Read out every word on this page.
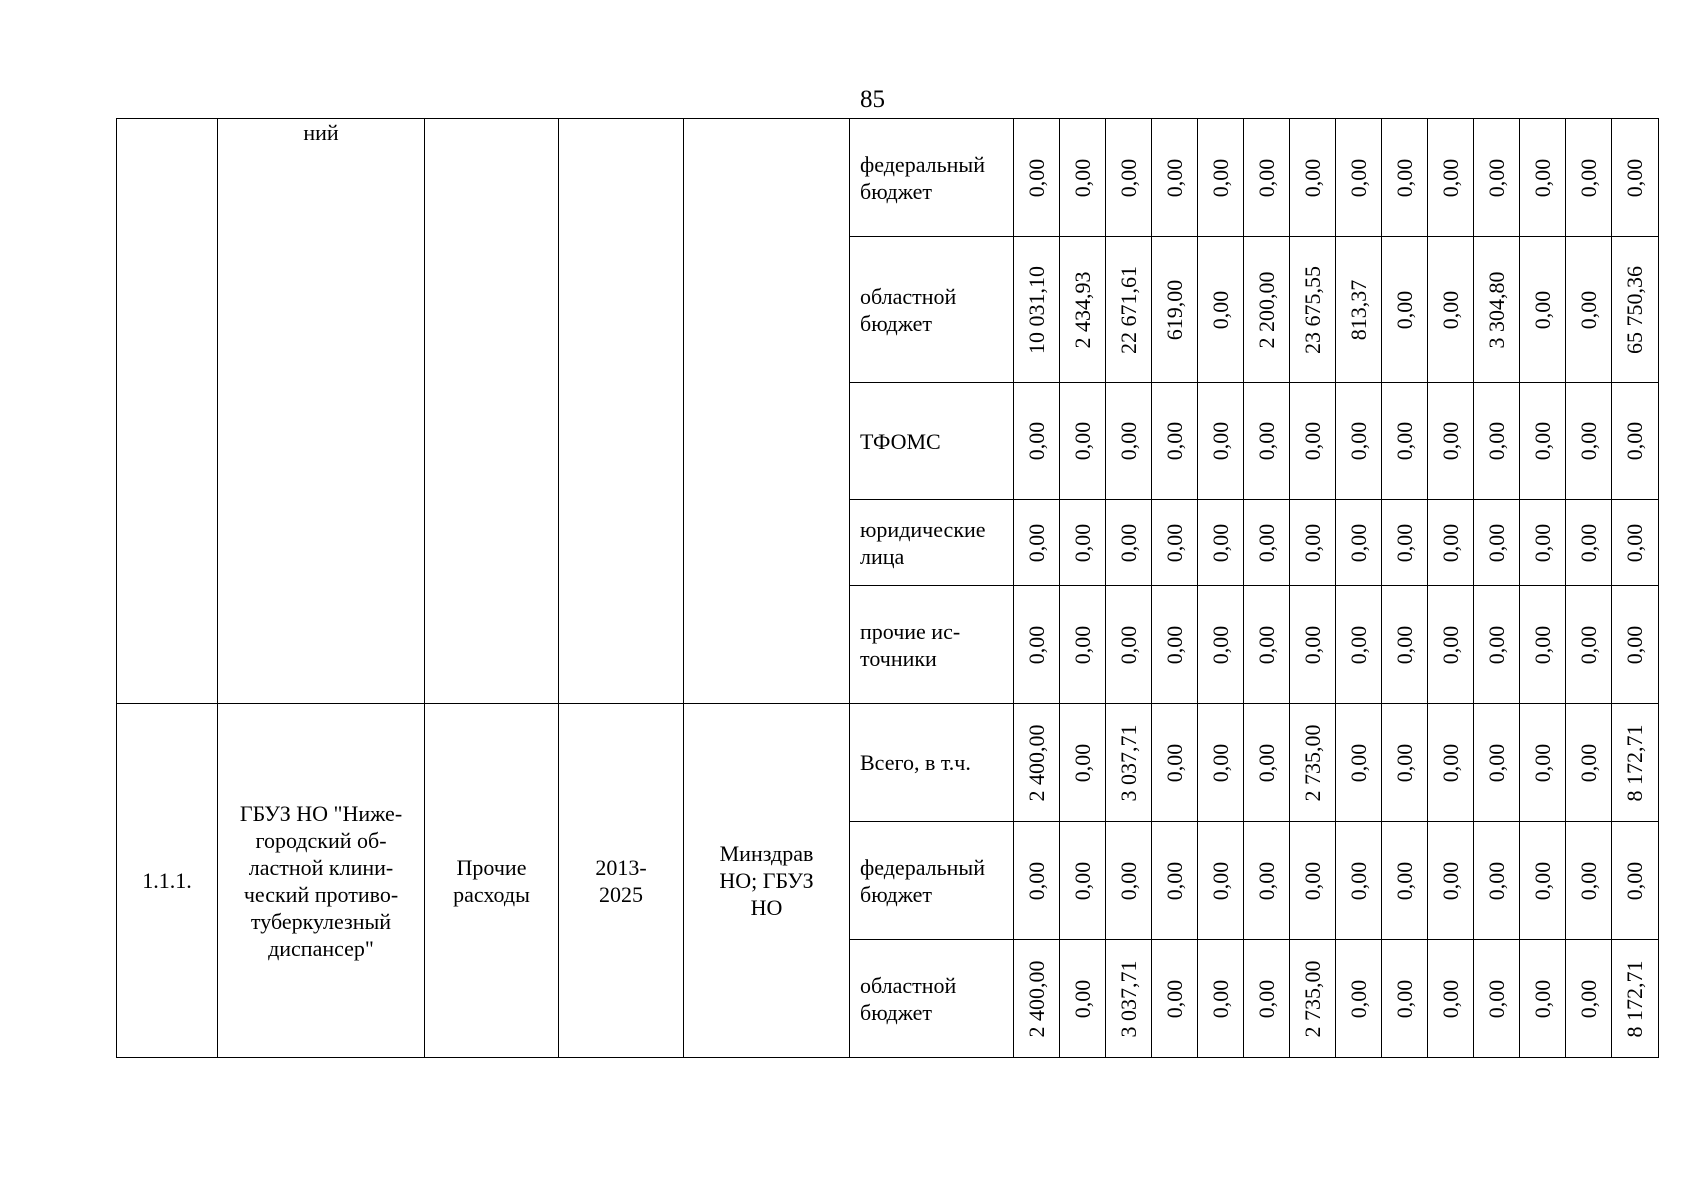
85
	ний				федеральный бюджет	0,00	0,00	0,00	0,00	0,00	0,00	0,00	0,00	0,00	0,00	0,00	0,00	0,00	0,00

					областной бюджет	10 031,10	2 434,93	22 671,61	619,00	0,00	2 200,00	23 675,55	813,37	0,00	0,00	3 304,80	0,00	0,00	65 750,36

					ТФОМС	0,00	0,00	0,00	0,00	0,00	0,00	0,00	0,00	0,00	0,00	0,00	0,00	0,00	0,00

					юридические лица	0,00	0,00	0,00	0,00	0,00	0,00	0,00	0,00	0,00	0,00	0,00	0,00	0,00	0,00

					прочие ис-точники	0,00	0,00	0,00	0,00	0,00	0,00	0,00	0,00	0,00	0,00	0,00	0,00	0,00	0,00

1.1.1.	ГБУЗ НО "Ниже-городский об-ластной клини-ческий противо-туберкулезный диспансер"	Прочие расходы	2013-2025	Минздрав НО; ГБУЗ НО	Всего, в т.ч.	2 400,00	0,00	3 037,71	0,00	0,00	0,00	2 735,00	0,00	0,00	0,00	0,00	0,00	0,00	8 172,71

					федеральный бюджет	0,00	0,00	0,00	0,00	0,00	0,00	0,00	0,00	0,00	0,00	0,00	0,00	0,00	0,00

					областной бюджет	2 400,00	0,00	3 037,71	0,00	0,00	0,00	2 735,00	0,00	0,00	0,00	0,00	0,00	0,00	8 172,71
